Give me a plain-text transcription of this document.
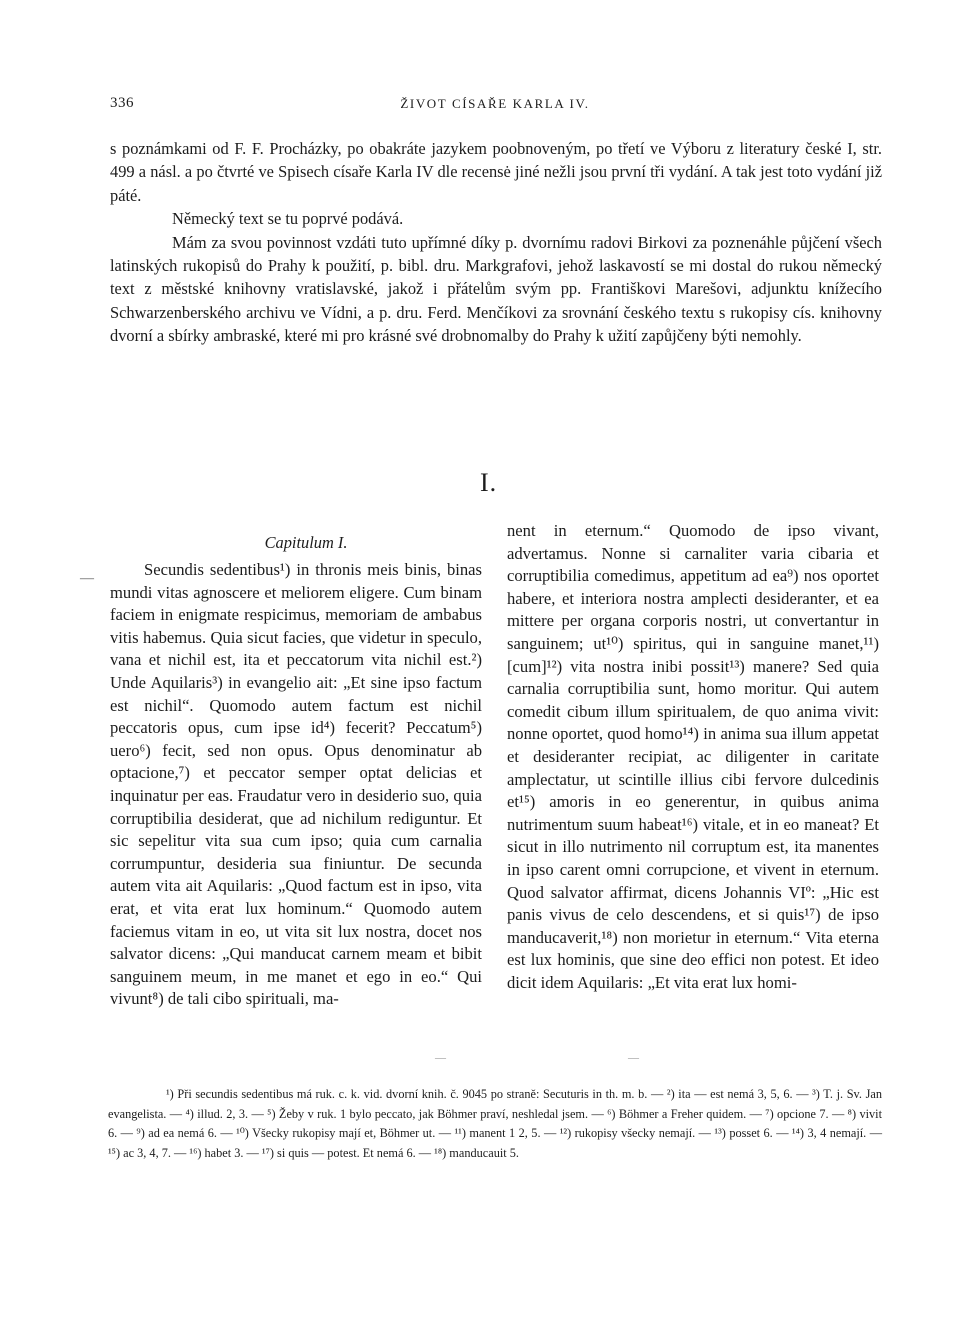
336	ŽIVOT CÍSAŘE KARLA IV.

s poznámkami od F. F. Procházky, po obakráte jazykem poobnoveným, po třetí ve Výboru z literatury české I, str. 499 a násl. a po čtvrté ve Spisech císaře Karla IV dle recensė jiné nežli jsou první tři vydání. A tak jest toto vydání již páté.

Německý text se tu poprvé podává.

Mám za svou povinnost vzdáti tuto upřímné díky p. dvornímu radovi Birkovi za poznenáhle půjčení všech latinských rukopisů do Prahy k použití, p. bibl. dru. Markgrafovi, jehož laskavostí se mi dostal do rukou německý text z městské knihovny vratislavské, jakož i přátelům svým pp. Františkovi Marešovi, adjunktu knížecího Schwarzenberského archivu ve Vídni, a p. dru. Ferd. Menčíkovi za srovnání českého textu s rukopisy cís. knihovny dvorní a sbírky ambraské, které mi pro krásné své drobnomalby do Prahy k užití zapůjčeny býti nemohly.

I.
—
Capitulum I.

Secundis sedentibus¹) in thronis meis binis, binas mundi vitas agnoscere et meliorem eligere. Cum binam faciem in enigmate respicimus, memoriam de ambabus vitis habemus. Quia sicut facies, que videtur in speculo, vana et nichil est, ita et peccatorum vita nichil est.²) Unde Aquilaris³) in evangelio ait: „Et sine ipso factum est nichil“. Quomodo autem factum est nichil peccatoris opus, cum ipse id⁴) fecerit? Peccatum⁵) uero⁶) fecit, sed non opus. Opus denominatur ab optacione,⁷) et peccator semper optat delicias et inquinatur per eas. Fraudatur vero in desiderio suo, quia corruptibilia desiderat, que ad nichilum rediguntur. Et sic sepelitur vita sua cum ipso; quia cum carnalia corrumpuntur, desideria sua finiuntur. De secunda autem vita ait Aquilaris: „Quod factum est in ipso, vita erat, et vita erat lux hominum.“ Quomodo autem faciemus vitam in eo, ut vita sit lux nostra, docet nos salvator dicens: „Qui manducat carnem meam et bibit sanguinem meum, in me manet et ego in eo.“ Qui vivunt⁸) de tali cibo spirituali, ma-

nent in eternum.“ Quomodo de ipso vivant, advertamus. Nonne si carnaliter varia cibaria et corruptibilia comedimus, appetitum ad ea⁹) nos oportet habere, et interiora nostra amplecti desideranter, et ea mittere per organa corporis nostri, ut convertantur in sanguinem; ut¹⁰) spiritus, qui in sanguine manet,¹¹) [cum]¹²) vita nostra inibi possit¹³) manere? Sed quia carnalia corruptibilia sunt, homo moritur. Qui autem comedit cibum illum spiritualem, de quo anima vivit: nonne oportet, quod homo¹⁴) in anima sua illum appetat et desideranter recipiat, ac diligenter in caritate amplectatur, ut scintille illius cibi fervore dulcedinis et¹⁵) amoris in eo generentur, in quibus anima nutrimentum suum habeat¹⁶) vitale, et in eo maneat? Et sicut in illo nutrimento nil corruptum est, ita manentes in ipso carent omni corrupcione, et vivent in eternum. Quod salvator affirmat, dicens Johannis VIº: „Hic est panis vivus de celo descendens, et si quis¹⁷) de ipso manducaverit,¹⁸) non morietur in eternum.“ Vita eterna est lux hominis, que sine deo effici non potest. Et ideo dicit idem Aquilaris: „Et vita erat lux homi-

—	—

¹) Při secundis sedentibus má ruk. c. k. vid. dvorní knih. č. 9045 po straně: Secuturis in th. m. b. — ²) ita — est nemá 3, 5, 6. — ³) T. j. Sv. Jan evangelista. — ⁴) illud. 2, 3. — ⁵) Žeby v ruk. 1 bylo peccato, jak Böhmer praví, neshledal jsem. — ⁶) Böhmer a Freher quidem. — ⁷) opcione 7. — ⁸) vivit 6. — ⁹) ad ea nemá 6. — ¹⁰) Všecky rukopisy mají et, Böhmer ut. — ¹¹) manent 1 2, 5. — ¹²) rukopisy všecky nemají. — ¹³) posset 6. — ¹⁴) 3, 4 nemají. — ¹⁵) ac 3, 4, 7. — ¹⁶) habet 3. — ¹⁷) si quis — potest. Et nemá 6. — ¹⁸) manducauit 5.
